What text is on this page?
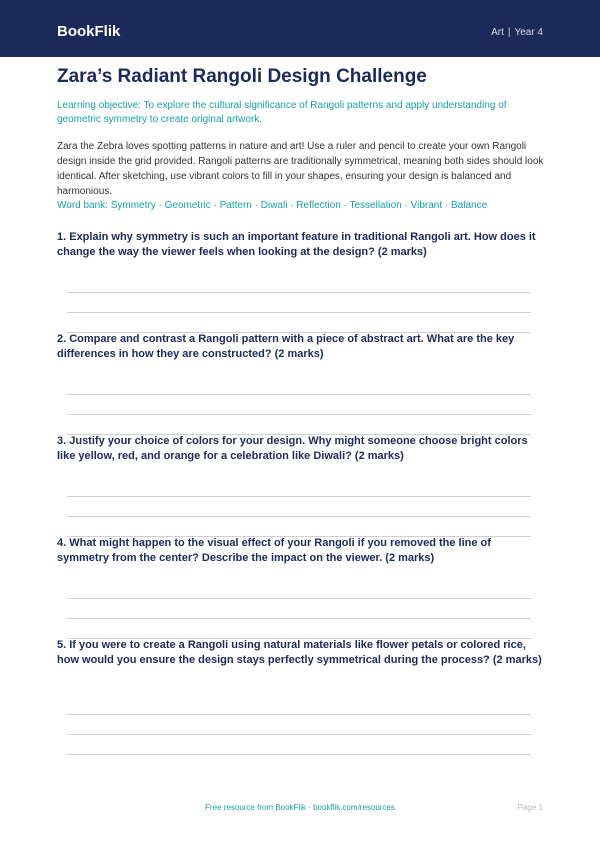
BookFlik	Art | Year 4
Zara’s Radiant Rangoli Design Challenge

Learning objective: To explore the cultural significance of Rangoli patterns and apply understanding of geometric symmetry to create original artwork.

Zara the Zebra loves spotting patterns in nature and art! Use a ruler and pencil to create your own Rangoli design inside the grid provided. Rangoli patterns are traditionally symmetrical, meaning both sides should look identical. After sketching, use vibrant colors to fill in your shapes, ensuring your design is balanced and harmonious.

Word bank: Symmetry · Geometric · Pattern · Diwali · Reflection · Tessellation · Vibrant · Balance

1. Explain why symmetry is such an important feature in traditional Rangoli art. How does it change the way the viewer feels when looking at the design? (2 marks)

2. Compare and contrast a Rangoli pattern with a piece of abstract art. What are the key differences in how they are constructed? (2 marks)

3. Justify your choice of colors for your design. Why might someone choose bright colors like yellow, red, and orange for a celebration like Diwali? (2 marks)

4. What might happen to the visual effect of your Rangoli if you removed the line of symmetry from the center? Describe the impact on the viewer. (2 marks)

5. If you were to create a Rangoli using natural materials like flower petals or colored rice, how would you ensure the design stays perfectly symmetrical during the process? (2 marks)

Free resource from BookFlik · bookflik.com/resources	Page 1
